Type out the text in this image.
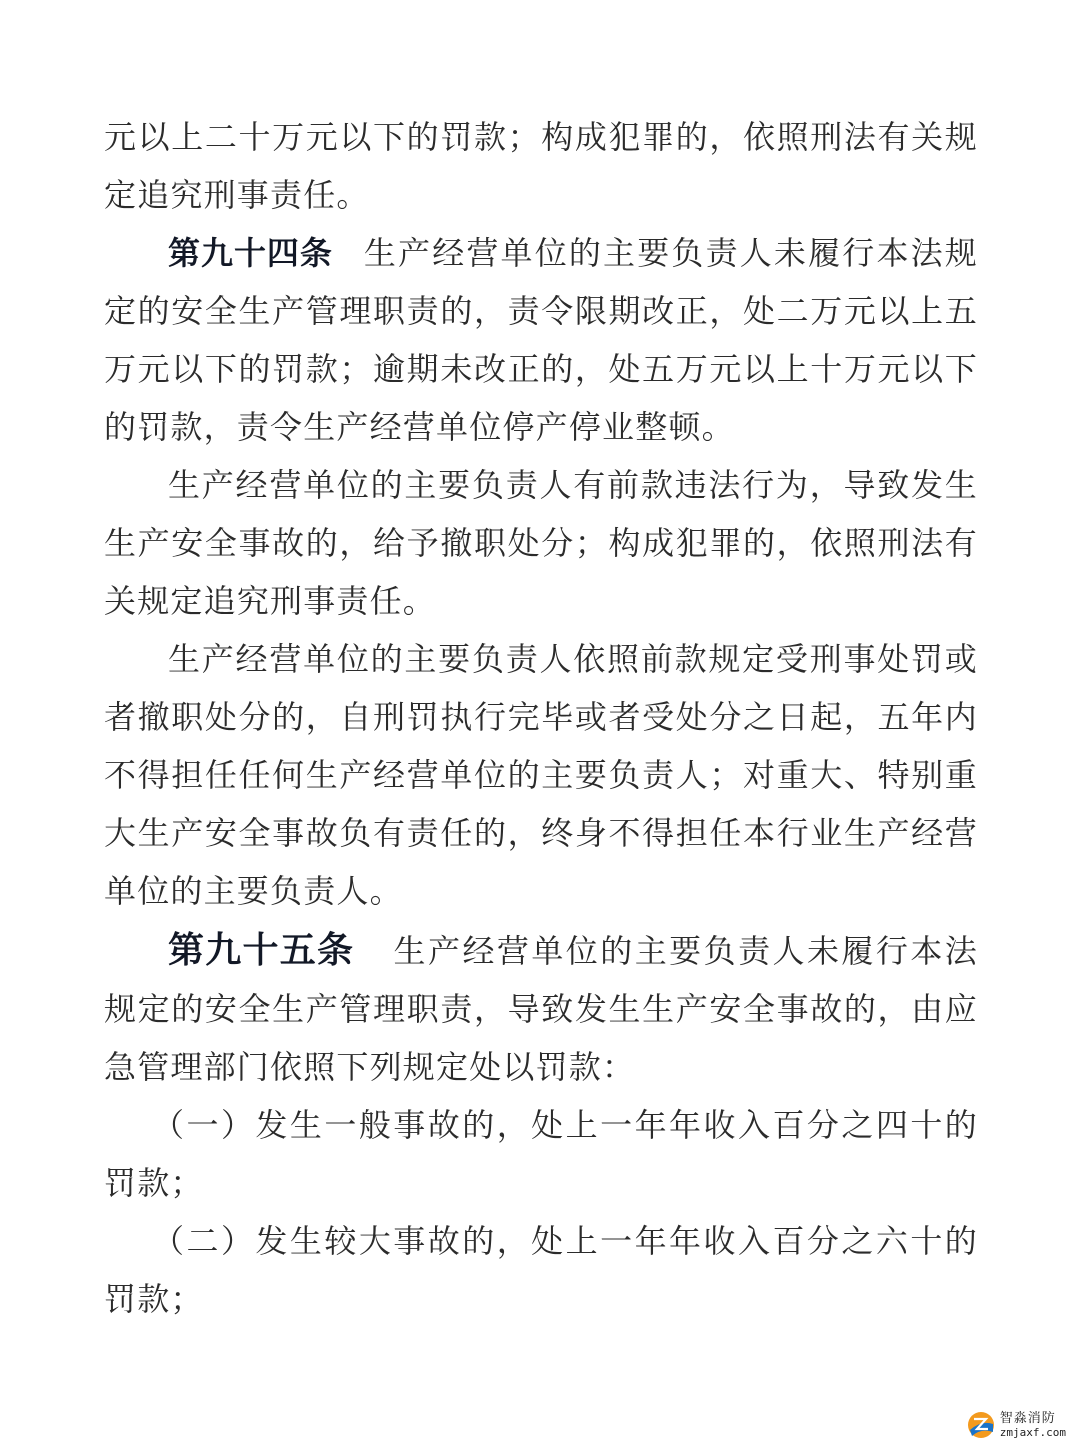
元以上二十万元以下的罚款；构成犯罪的，依照刑法有关规定追究刑事责任。

第九十四条 生产经营单位的主要负责人未履行本法规定的安全生产管理职责的，责令限期改正，处二万元以上五万元以下的罚款；逾期未改正的，处五万元以上十万元以下的罚款，责令生产经营单位停产停业整顿。

生产经营单位的主要负责人有前款违法行为，导致发生生产安全事故的，给予撤职处分；构成犯罪的，依照刑法有关规定追究刑事责任。

生产经营单位的主要负责人依照前款规定受刑事处罚或者撤职处分的，自刑罚执行完毕或者受处分之日起，五年内不得担任任何生产经营单位的主要负责人；对重大、特别重大生产安全事故负有责任的，终身不得担任本行业生产经营单位的主要负责人。

第九十五条 生产经营单位的主要负责人未履行本法规定的安全生产管理职责，导致发生生产安全事故的，由应急管理部门依照下列规定处以罚款：

（一）发生一般事故的，处上一年年收入百分之四十的罚款；

（二）发生较大事故的，处上一年年收入百分之六十的罚款；

智淼消防
zmjaxf.com
